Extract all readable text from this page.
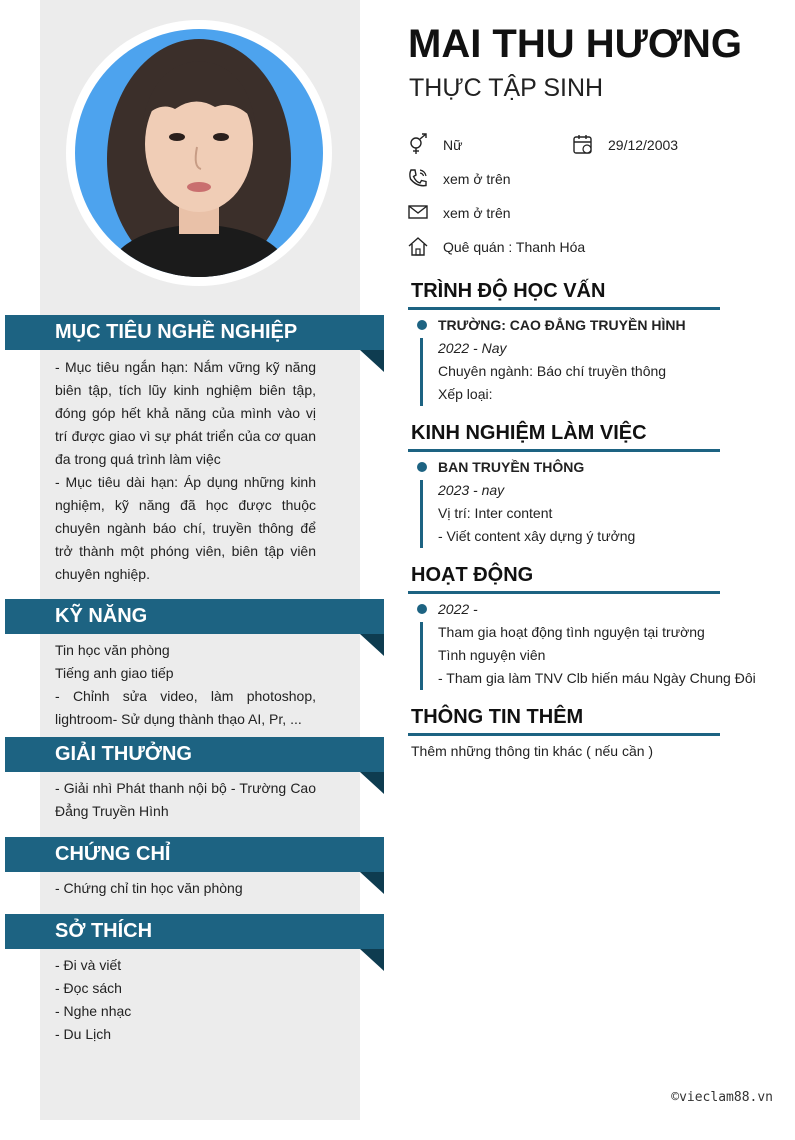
MỤC TIÊU NGHỀ NGHIỆP
- Mục tiêu ngắn hạn: Nắm vững kỹ năng biên tập, tích lũy kinh nghiệm biên tập, đóng góp hết khả năng của mình vào vị trí được giao vì sự phát triển của cơ quan đa trong quá trình làm việc
- Mục tiêu dài hạn: Áp dụng những kinh nghiệm, kỹ năng đã học được thuộc chuyên ngành báo chí, truyền thông để trở thành một phóng viên, biên tập viên chuyên nghiệp.
KỸ NĂNG
Tin học văn phòng
Tiếng anh giao tiếp
- Chỉnh sửa video, làm photoshop, lightroom- Sử dụng thành thạo AI, Pr, ...
GIẢI THƯỞNG
- Giải nhì Phát thanh nội bộ - Trường Cao Đẳng Truyền Hình
CHỨNG CHỈ
- Chứng chỉ tin học văn phòng
SỞ THÍCH
- Đi và viết
- Đọc sách
- Nghe nhạc
- Du Lịch
MAI THU HƯƠNG
THỰC TẬP SINH
Nữ	29/12/2003
xem ở trên
xem ở trên
Quê quán : Thanh Hóa
TRÌNH ĐỘ HỌC VẤN
TRƯỜNG: CAO ĐẲNG TRUYỀN HÌNH
2022 - Nay
Chuyên ngành: Báo chí truyền thông
Xếp loại:
KINH NGHIỆM LÀM VIỆC
BAN TRUYỀN THÔNG
2023 - nay
Vị trí: Inter content
- Viết content xây dựng ý tưởng
HOẠT ĐỘNG
2022 -
Tham gia hoạt động tình nguyện tại trường
Tình nguyện viên
- Tham gia làm TNV Clb hiến máu Ngày Chung Đôi
THÔNG TIN THÊM
Thêm những thông tin khác ( nếu cần )
©vieclam88.vn
